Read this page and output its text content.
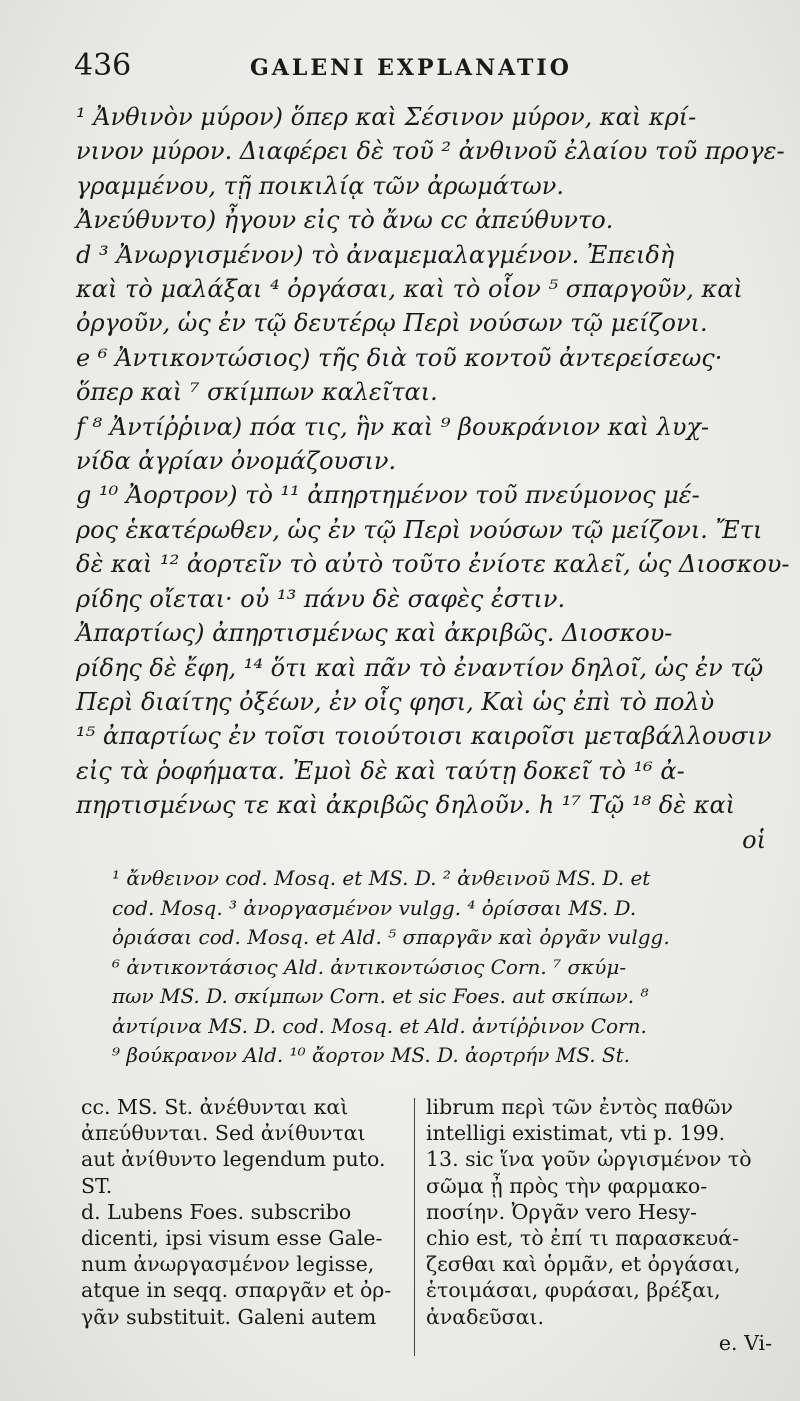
436	GALENI EXPLANATIO
¹ Ἀνθινὸν μύρον) ὅπερ καὶ Σέσινον μύρον, καὶ κρί-
νινον μύρον. Διαφέρει δὲ τοῦ ² ἀνθινοῦ ἐλαίου τοῦ προγε-
γραμμένου, τῇ ποικιλίᾳ τῶν ἀρωμάτων.
Ἀνεύθυντο) ἦγουν εἰς τὸ ἄνω cc ἀπεύθυντο.
d ³ Ἀνωργισμένον) τὸ ἀναμεμαλαγμένον. Ἐπειδὴ
καὶ τὸ μαλάξαι ⁴ ὀργάσαι, καὶ τὸ οἷον ⁵ σπαργοῦν, καὶ
ὀργοῦν, ὡς ἐν τῷ δευτέρῳ Περὶ νούσων τῷ μείζονι.
e ⁶ Ἀντικοντώσιος) τῆς διὰ τοῦ κοντοῦ ἀντερείσεως·
ὅπερ καὶ ⁷ σκίμπων καλεῖται.
f ⁸ Ἀντίῤῥινα) πόα τις, ἣν καὶ ⁹ βουκράνιον καὶ λυχ-
νίδα ἀγρίαν ὀνομάζουσιν.
g ¹⁰ Ἀορτρον) τὸ ¹¹ ἀπηρτημένον τοῦ πνεύμονος μέ-
ρος ἑκατέρωθεν, ὡς ἐν τῷ Περὶ νούσων τῷ μείζονι. Ἔτι
δὲ καὶ ¹² ἀορτεῖν τὸ αὐτὸ τοῦτο ἐνίοτε καλεῖ, ὡς Διοσκου-
ρίδης οἴεται· οὐ ¹³ πάνυ δὲ σαφὲς ἐστιν.
Ἀπαρτίως) ἀπηρτισμένως καὶ ἀκριβῶς. Διοσκου-
ρίδης δὲ ἔφη, ¹⁴ ὅτι καὶ πᾶν τὸ ἐναντίον δηλοῖ, ὡς ἐν τῷ
Περὶ διαίτης ὀξέων, ἐν οἷς φησι, Καὶ ὡς ἐπὶ τὸ πολὺ
¹⁵ ἀπαρτίως ἐν τοῖσι τοιούτοισι καιροῖσι μεταβάλλουσιν
εἰς τὰ ῥοφήματα. Ἐμοὶ δὲ καὶ ταύτῃ δοκεῖ τὸ ¹⁶ ἀ-
πηρτισμένως τε καὶ ἀκριβῶς δηλοῦν. h ¹⁷ Τῷ ¹⁸ δὲ καὶ
οἱ
¹ ἄνθεινον cod. Mosq. et MS. D. ² ἀνθεινοῦ MS. D. et
cod. Mosq. ³ ἀνοργασμένον vulgg. ⁴ ὀρίσσαι MS. D.
ὀριάσαι cod. Mosq. et Ald. ⁵ σπαργᾶν καὶ ὀργᾶν vulgg.
⁶ ἀντικοντάσιος Ald. ἀντικοντώσιος Corn. ⁷ σκύμ-
πων MS. D. σκίμπων Corn. et sic Foes. aut σκίπων. ⁸
ἀντίρινα MS. D. cod. Mosq. et Ald. ἀντίῤῥινον Corn.
⁹ βούκρανον Ald. ¹⁰ ἄορτον MS. D. ἀορτρήν MS. St.
cc. MS. St. ἀνέθυνται καὶ
ἀπεύθυνται. Sed ἀνίθυνται
aut ἀνίθυντο legendum puto.
ST.
d. Lubens Foes. subscribo
dicenti, ipsi visum esse Gale-
num ἀνωργασμένον legisse,
atque in seqq. σπαργᾶν et ὀρ-
γᾶν substituit. Galeni autem
librum περὶ τῶν ἐντὸς παθῶν
intelligi existimat, vti p. 199.
13. sic ἵνα γοῦν ὠργισμένον τὸ
σῶμα ᾖ πρὸς τὴν φαρμακο-
ποσίην. Ὀργᾶν vero Hesy-
chio est, τὸ ἐπί τι παρασκευά-
ζεσθαι καὶ ὁρμᾶν, et ὀργάσαι,
ἑτοιμάσαι, φυράσαι, βρέξαι,
ἀναδεῦσαι.
e. Vi-
